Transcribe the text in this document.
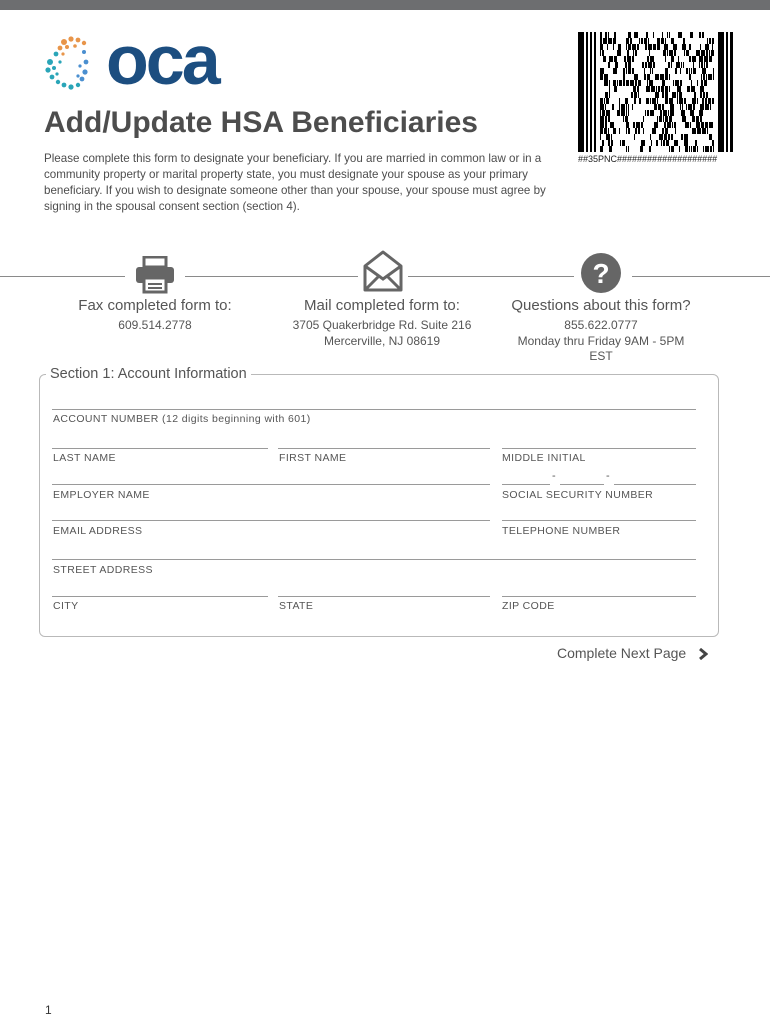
oca
##35PNC####################
Add/Update HSA Beneficiaries

Please complete this form to designate your beneficiary. If you are married in common law or in a community property or marital property state, you must designate your spouse as your primary beneficiary. If you wish to designate someone other than your spouse, your spouse must agree by signing in the spousal consent section (section 4).

?
Fax completed form to:
609.514.2778
Mail completed form to:
3705 Quakerbridge Rd. Suite 216
Mercerville, NJ 08619
Questions about this form?
855.622.0777
Monday thru Friday 9AM - 5PM
EST
Section 1: Account Information
ACCOUNT NUMBER (12 digits beginning with 601)
LAST NAME	FIRST NAME	MIDDLE INITIAL
-	-
EMPLOYER NAME	SOCIAL SECURITY NUMBER
EMAIL ADDRESS	TELEPHONE NUMBER
STREET ADDRESS
CITY	STATE	ZIP CODE
Complete Next Page
1
